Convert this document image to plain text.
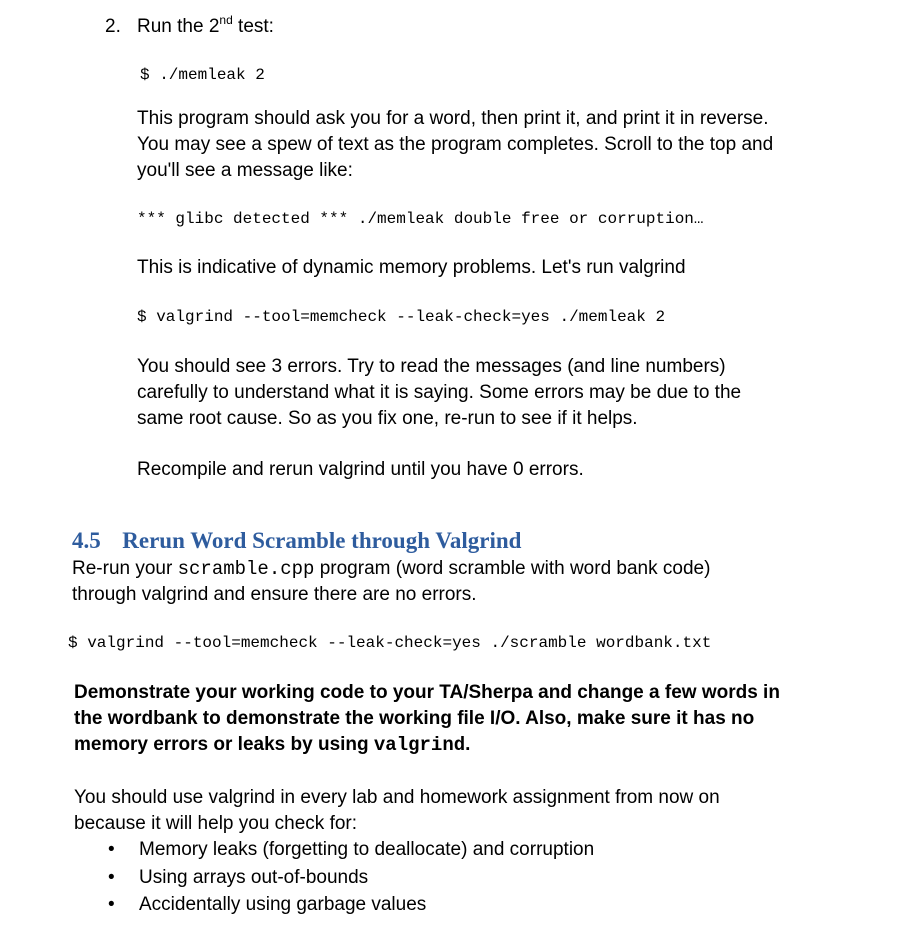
2. Run the 2nd test:
$ ./memleak 2
This program should ask you for a word, then print it, and print it in reverse.
You may see a spew of text as the program completes. Scroll to the top and
you'll see a message like:
*** glibc detected *** ./memleak double free or corruption…
This is indicative of dynamic memory problems. Let's run valgrind
$ valgrind --tool=memcheck --leak-check=yes ./memleak 2
You should see 3 errors. Try to read the messages (and line numbers)
carefully to understand what it is saying. Some errors may be due to the
same root cause. So as you fix one, re-run to see if it helps.
Recompile and rerun valgrind until you have 0 errors.
4.5 Rerun Word Scramble through Valgrind
Re-run your scramble.cpp program (word scramble with word bank code)
through valgrind and ensure there are no errors.
$ valgrind --tool=memcheck --leak-check=yes ./scramble wordbank.txt
Demonstrate your working code to your TA/Sherpa and change a few words in
the wordbank to demonstrate the working file I/O. Also, make sure it has no
memory errors or leaks by using valgrind.
You should use valgrind in every lab and homework assignment from now on
because it will help you check for:
• Memory leaks (forgetting to deallocate) and corruption
• Using arrays out-of-bounds
• Accidentally using garbage values
